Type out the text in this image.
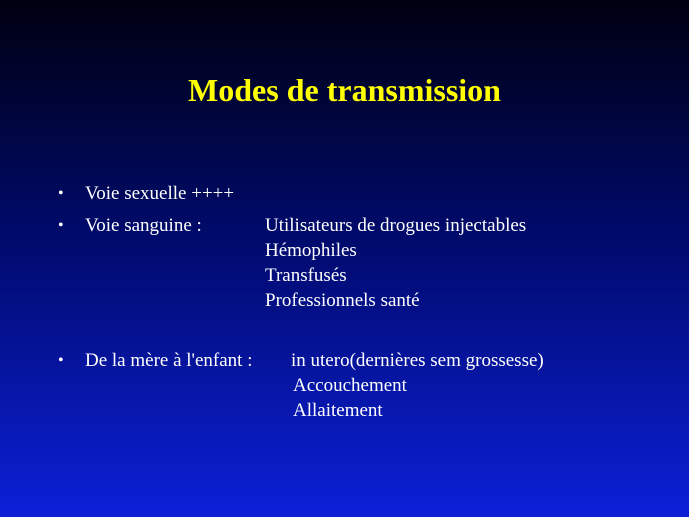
Modes de transmission
• Voie sexuelle ++++
• Voie sanguine :	Utilisateurs de drogues injectables
Hémophiles
Transfusés
Professionnels santé
• De la mère à l'enfant : in utero(dernières sem grossesse)
Accouchement
Allaitement
